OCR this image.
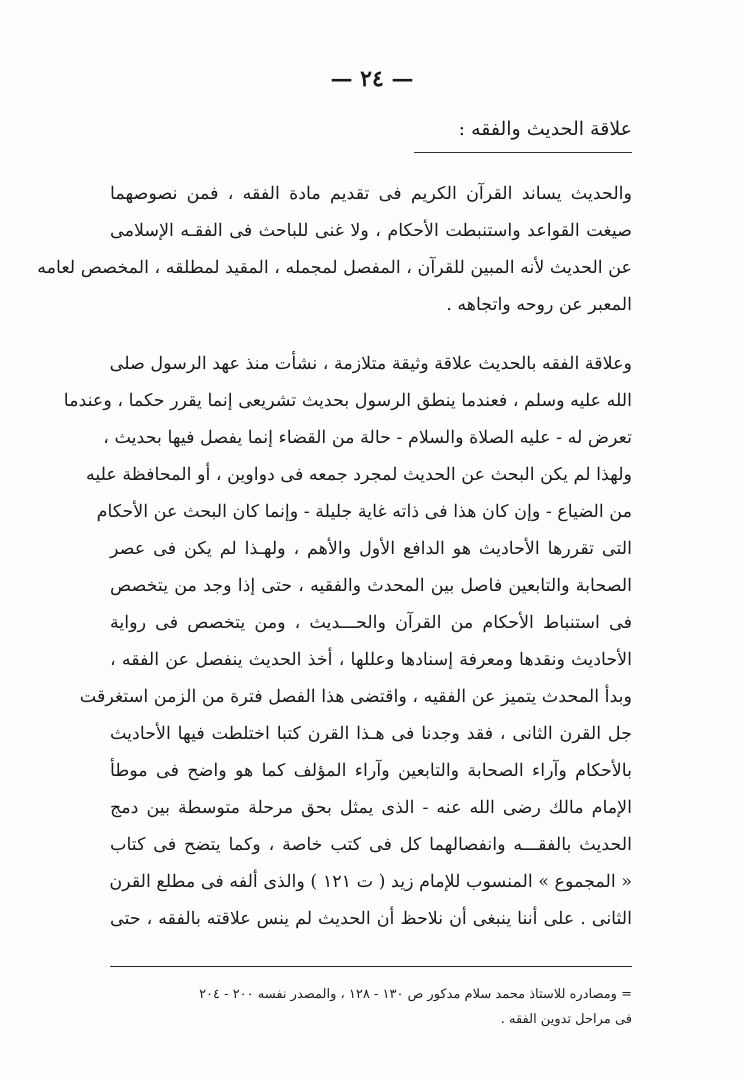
— ٢٤ —
علاقة الحديث والفقه :
والحديث يساند القرآن الكريم فى تقديم مادة الفقه ، فمن نصوصهما
صيغت القواعد واستنبطت الأحكام ، ولا غنى للباحث فى الفقـه الإسلامى
عن الحديث لأنه المبين للقرآن ، المفصل لمجمله ، المقيد لمطلقه ، المخصص لعامه
المعبر عن روحه واتجاهه .
وعلاقة الفقه بالحديث علاقة وثيقة متلازمة ، نشأت منذ عهد الرسول صلى
الله عليه وسلم ، فعندما ينطق الرسول بحديث تشريعى إنما يقرر حكما ، وعندما
تعرض له - عليه الصلاة والسلام - حالة من القضاء إنما يفصل فيها بحديث ،
ولهذا لم يكن البحث عن الحديث لمجرد جمعه فى دواوين ، أو المحافظة عليه
من الضياع - وإن كان هذا فى ذاته غاية جليلة - وإنما كان البحث عن الأحكام
التى تقررها الأحاديث هو الدافع الأول والأهم ، ولهـذا لم يكن فى عصر
الصحابة والتابعين فاصل بين المحدث والفقيه ، حتى إذا وجد من يتخصص
فى استنباط الأحكام من القرآن والحـــديث ، ومن يتخصص فى رواية
الأحاديث ونقدها ومعرفة إسنادها وعللها ، أخذ الحديث ينفصل عن الفقه ،
وبدأ المحدث يتميز عن الفقيه ، واقتضى هذا الفصل فترة من الزمن استغرقت
جل القرن الثانى ، فقد وجدنا فى هـذا القرن كتبا اختلطت فيها الأحاديث
بالأحكام وآراء الصحابة والتابعين وآراء المؤلف كما هو واضح فى موطأ
الإمام مالك رضى الله عنه - الذى يمثل بحق مرحلة متوسطة بين دمج
الحديث بالفقـــه وانفصالهما كل فى كتب خاصة ، وكما يتضح فى كتاب
« المجموع » المنسوب للإمام زيد ( ت ١٢١ ) والذى ألفه فى مطلع القرن
الثانى . على أننا ينبغى أن نلاحظ أن الحديث لم ينس علاقته بالفقه ، حتى
= ومصادره للاستاذ محمد سلام مدكور ص ١٣٠ - ١٢٨ ، والمصدر نفسه ٢٠٠ - ٢٠٤
فى مراحل تدوين الفقه .
